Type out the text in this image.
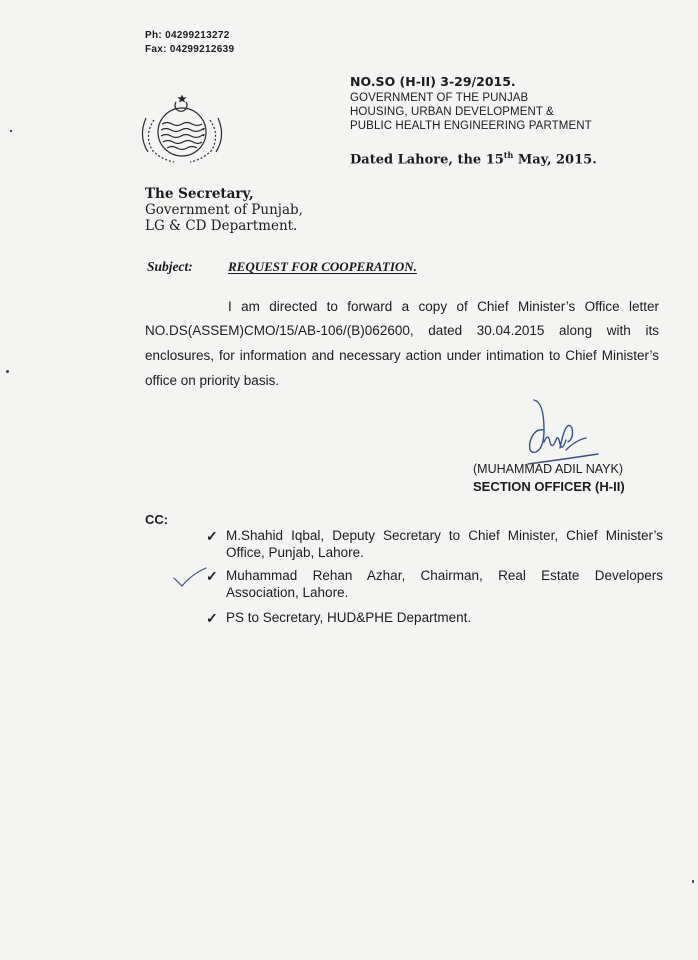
Ph: 04299213272
Fax: 04299212639
NO.SO (H-II) 3-29/2015.
GOVERNMENT OF THE PUNJAB
HOUSING, URBAN DEVELOPMENT &
PUBLIC HEALTH ENGINEERING PARTMENT
Dated Lahore, the 15th May, 2015.
The Secretary,
Government of Punjab,
LG & CD Department.
Subject:	REQUEST FOR COOPERATION.
I am directed to forward a copy of Chief Minister’s Office letter
NO.DS(ASSEM)CMO/15/AB-106/(B)062600, dated 30.04.2015 along with its
enclosures, for information and necessary action under intimation to Chief Minister’s
office on priority basis.
(MUHAMMAD ADIL NAYK)
SECTION OFFICER (H-II)
CC:
✓ M.Shahid Iqbal, Deputy Secretary to Chief Minister, Chief Minister’s
Office, Punjab, Lahore.
✓ Muhammad Rehan Azhar, Chairman, Real Estate Developers
Association, Lahore.
✓ PS to Secretary, HUD&PHE Department.
